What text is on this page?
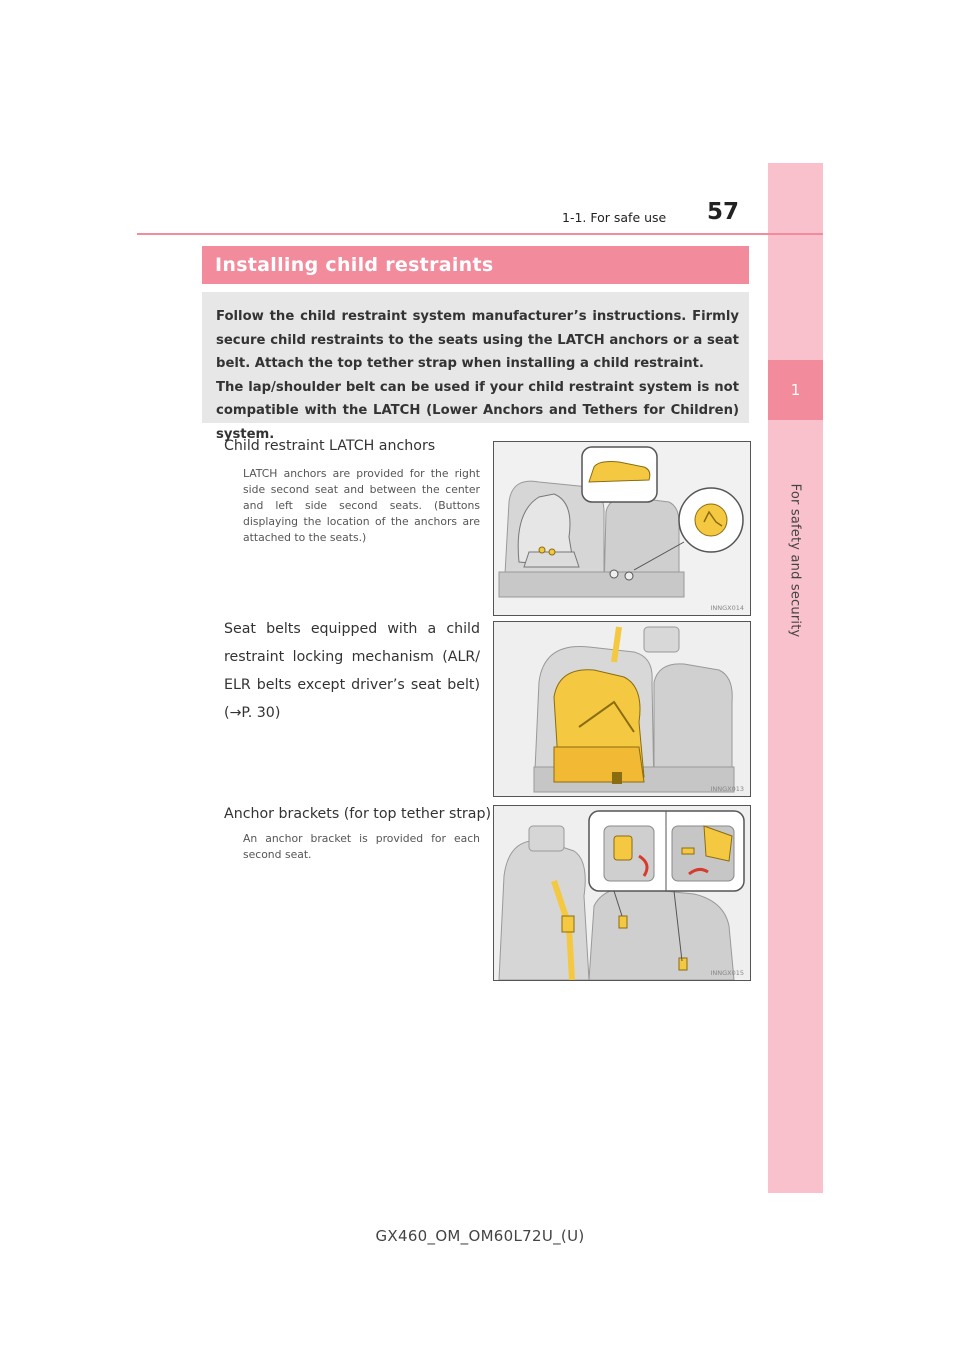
1
For safety and security
1-1. For safe use 57
Installing child restraints

Follow the child restraint system manufacturer’s instructions. Firmly secure child restraints to the seats using the LATCH anchors or a seat belt. Attach the top tether strap when installing a child restraint.

The lap/shoulder belt can be used if your child restraint system is not compatible with the LATCH (Lower Anchors and Tethers for Children) system.

Child restraint LATCH anchors
LATCH anchors are provided for the right side second seat and between the center and left side second seats. (Buttons displaying the location of the anchors are attached to the seats.)
INNGX014
Seat belts equipped with a child restraint locking mechanism (ALR/ ELR belts except driver’s seat belt) (→P. 30)
INNGX013
Anchor brackets (for top tether strap)
An anchor bracket is provided for each second seat.
INNGX015
GX460_OM_OM60L72U_(U)
